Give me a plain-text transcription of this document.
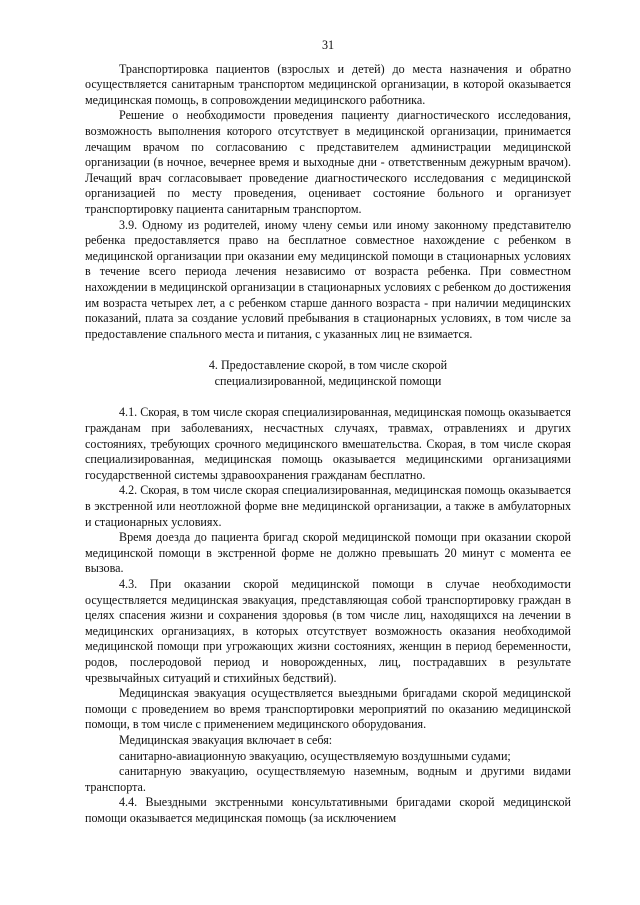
31

Транспортировка пациентов (взрослых и детей) до места назначения и обратно осуществляется санитарным транспортом медицинской организации, в которой оказывается медицинская помощь, в сопровождении медицинского работника.

Решение о необходимости проведения пациенту диагностического исследования, возможность выполнения которого отсутствует в медицинской организации, принимается лечащим врачом по согласованию с представителем администрации медицинской организации (в ночное, вечернее время и выходные дни - ответственным дежурным врачом). Лечащий врач согласовывает проведение диагностического исследования с медицинской организацией по месту проведения, оценивает состояние больного и организует транспортировку пациента санитарным транспортом.

3.9. Одному из родителей, иному члену семьи или иному законному представителю ребенка предоставляется право на бесплатное совместное нахождение с ребенком в медицинской организации при оказании ему медицинской помощи в стационарных условиях в течение всего периода лечения независимо от возраста ребенка. При совместном нахождении в медицинской организации в стационарных условиях с ребенком до достижения им возраста четырех лет, а с ребенком старше данного возраста - при наличии медицинских показаний, плата за создание условий пребывания в стационарных условиях, в том числе за предоставление спального места и питания, с указанных лиц не взимается.

4. Предоставление скорой, в том числе скорой
специализированной, медицинской помощи

4.1. Скорая, в том числе скорая специализированная, медицинская помощь оказывается гражданам при заболеваниях, несчастных случаях, травмах, отравлениях и других состояниях, требующих срочного медицинского вмешательства. Скорая, в том числе скорая специализированная, медицинская помощь оказывается медицинскими организациями государственной системы здравоохранения гражданам бесплатно.

4.2. Скорая, в том числе скорая специализированная, медицинская помощь оказывается в экстренной или неотложной форме вне медицинской организации, а также в амбулаторных и стационарных условиях.

Время доезда до пациента бригад скорой медицинской помощи при оказании скорой медицинской помощи в экстренной форме не должно превышать 20 минут с момента ее вызова.

4.3. При оказании скорой медицинской помощи в случае необходимости осуществляется медицинская эвакуация, представляющая собой транспортировку граждан в целях спасения жизни и сохранения здоровья (в том числе лиц, находящихся на лечении в медицинских организациях, в которых отсутствует возможность оказания необходимой медицинской помощи при угрожающих жизни состояниях, женщин в период беременности, родов, послеродовой период и новорожденных, лиц, пострадавших в результате чрезвычайных ситуаций и стихийных бедствий).

Медицинская эвакуация осуществляется выездными бригадами скорой медицинской помощи с проведением во время транспортировки мероприятий по оказанию медицинской помощи, в том числе с применением медицинского оборудования.

Медицинская эвакуация включает в себя:

санитарно-авиационную эвакуацию, осуществляемую воздушными судами;

санитарную эвакуацию, осуществляемую наземным, водным и другими видами транспорта.

4.4. Выездными экстренными консультативными бригадами скорой медицинской помощи оказывается медицинская помощь (за исключением
